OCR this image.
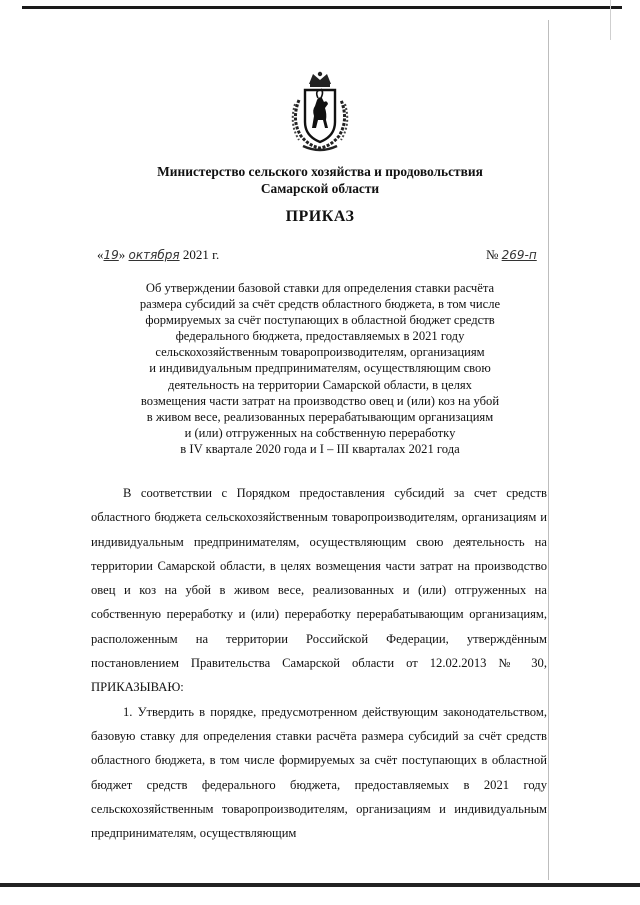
Министерство сельского хозяйства и продовольствия
Самарской области
ПРИКАЗ
«19» октября 2021 г.	№ 269-п
Об утверждении базовой ставки для определения ставки расчёта
размера субсидий за счёт средств областного бюджета, в том числе
формируемых за счёт поступающих в областной бюджет средств
федерального бюджета, предоставляемых в 2021 году
сельскохозяйственным товаропроизводителям, организациям
и индивидуальным предпринимателям, осуществляющим свою
деятельность на территории Самарской области, в целях
возмещения части затрат на производство овец и (или) коз на убой
в живом весе, реализованных перерабатывающим организациям
и (или) отгруженных на собственную переработку
в IV квартале 2020 года и I – III кварталах 2021 года

В соответствии с Порядком предоставления субсидий за счет средств областного бюджета сельскохозяйственным товаропроизводителям, организациям и индивидуальным предпринимателям, осуществляющим свою деятельность на территории Самарской области, в целях возмещения части затрат на производство овец и коз на убой в живом весе, реализованных и (или) отгруженных на собственную переработку и (или) переработку перерабатывающим организациям, расположенным на территории Российской Федерации, утверждённым постановлением Правительства Самарской области от 12.02.2013 № 30, ПРИКАЗЫВАЮ:

1. Утвердить в порядке, предусмотренном действующим законодательством, базовую ставку для определения ставки расчёта размера субсидий за счёт средств областного бюджета, в том числе формируемых за счёт поступающих в областной бюджет средств федерального бюджета, предоставляемых в 2021 году сельскохозяйственным товаропроизводителям, организациям и индивидуальным предпринимателям, осуществляющим
